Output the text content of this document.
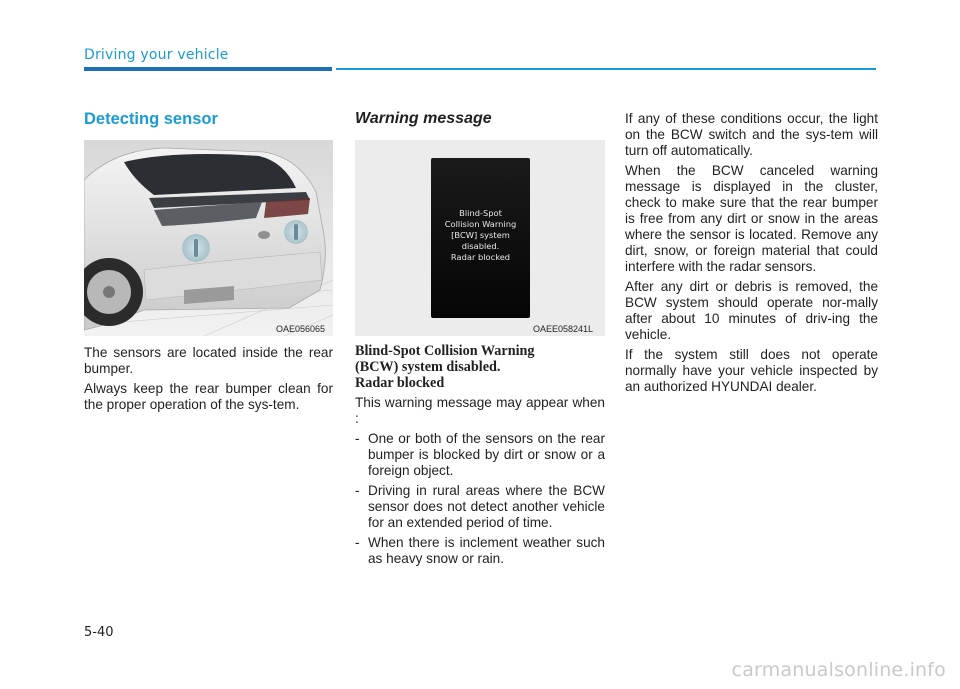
Driving your vehicle
Detecting sensor
OAE056065

The sensors are located inside the rear bumper.

Always keep the rear bumper clean for the proper operation of the sys-tem.

Warning message
Blind-Spot
Collision Warning
[BCW] system
disabled.
Radar blocked
OAEE058241L
Blind-Spot Collision Warning
(BCW) system disabled.
Radar blocked

This warning message may appear when :

- One or both of the sensors on the rear bumper is blocked by dirt or snow or a foreign object.

- Driving in rural areas where the BCW sensor does not detect another vehicle for an extended period of time.

- When there is inclement weather such as heavy snow or rain.

If any of these conditions occur, the light on the BCW switch and the sys-tem will turn off automatically.

When the BCW canceled warning message is displayed in the cluster, check to make sure that the rear bumper is free from any dirt or snow in the areas where the sensor is located. Remove any dirt, snow, or foreign material that could interfere with the radar sensors.

After any dirt or debris is removed, the BCW system should operate nor-mally after about 10 minutes of driv-ing the vehicle.

If the system still does not operate normally have your vehicle inspected by an authorized HYUNDAI dealer.

5-40
carmanualsonline.info
